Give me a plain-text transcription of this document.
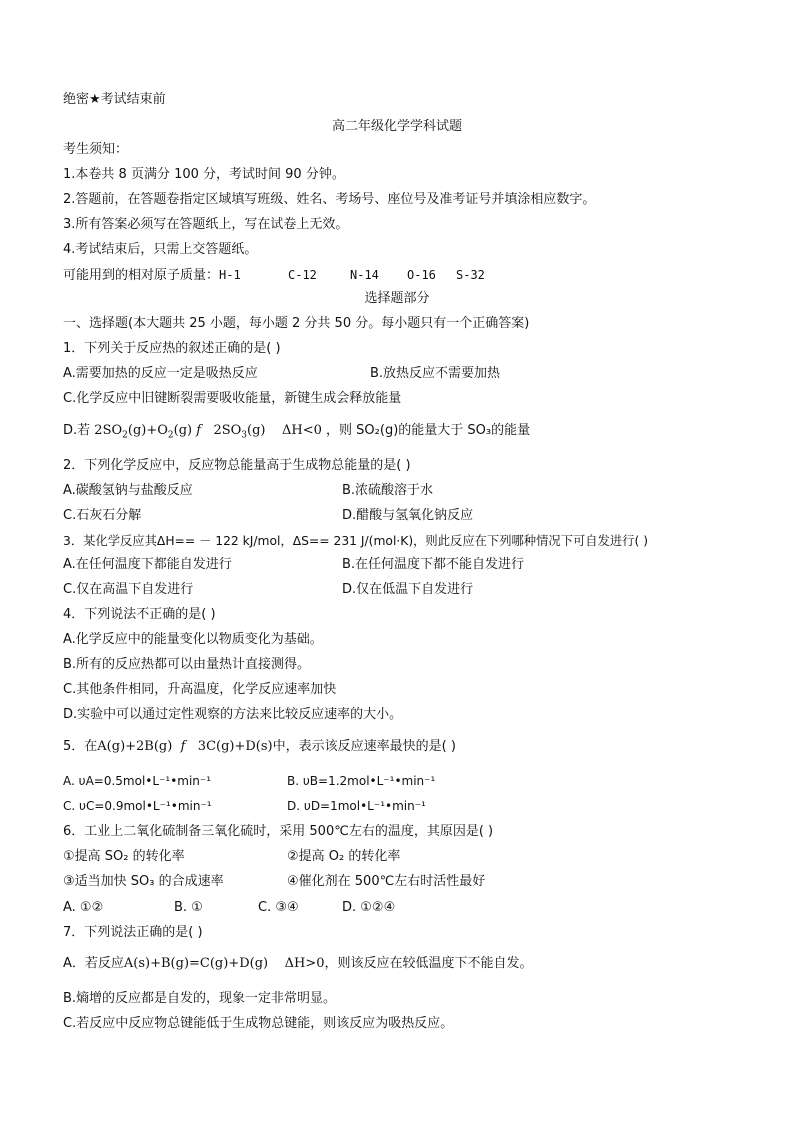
绝密★考试结束前
高二年级化学学科试题
考生须知：
1.本卷共 8 页满分 100 分，考试时间 90 分钟。
2.答题前，在答题卷指定区域填写班级、姓名、考场号、座位号及准考证号并填涂相应数字。
3.所有答案必须写在答题纸上，写在试卷上无效。
4.考试结束后，只需上交答题纸。
可能用到的相对原子质量：H-1	C-12	N-14 O-16 S-32
选择题部分
一、选择题(本大题共 25 小题，每小题 2 分共 50 分。每小题只有一个正确答案)
1．下列关于反应热的叙述正确的是( )
A.需要加热的反应一定是吸热反应	B.放热反应不需要加热
C.化学反应中旧键断裂需要吸收能量，新键生成会释放能量
D.若 $2SO_2(g)+O_2(g)$ f   $2SO_3(g)$    ΔH<0 ，则 SO₂(g)的能量大于 SO₃的能量
2．下列化学反应中，反应物总能量高于生成物总能量的是( )
A.碳酸氢钠与盐酸反应	B.浓硫酸溶于水
C.石灰石分解	D.醋酸与氢氧化钠反应
3．某化学反应其ΔH== － 122 kJ/mol，ΔS== 231 J/(mol·K)，则此反应在下列哪种情况下可自发进行( )
A.在任何温度下都能自发进行	B.在任何温度下都不能自发进行
C.仅在高温下自发进行	D.仅在低温下自发进行
4．下列说法不正确的是( )
A.化学反应中的能量变化以物质变化为基础。
B.所有的反应热都可以由量热计直接测得。
C.其他条件相同，升高温度，化学反应速率加快
D.实验中可以通过定性观察的方法来比较反应速率的大小。
5．在A(g)+2B(g)  f   3C(g)+D(s)中，表示该反应速率最快的是( )
A. υA=0.5mol•L⁻¹•min⁻¹	B. υB=1.2mol•L⁻¹•min⁻¹
C. υC=0.9mol•L⁻¹•min⁻¹	D. υD=1mol•L⁻¹•min⁻¹
6．工业上二氧化硫制备三氧化硫时，采用 500℃左右的温度，其原因是( )
①提高 SO₂ 的转化率	②提高 O₂ 的转化率
③适当加快 SO₃ 的合成速率	④催化剂在 500℃左右时活性最好
A. ①②	B. ①	C. ③④	D. ①②④
7．下列说法正确的是( )
A．若反应A(s)+B(g)=C(g)+D(g) ΔH>0，则该反应在较低温度下不能自发。
B.熵增的反应都是自发的，现象一定非常明显。
C.若反应中反应物总键能低于生成物总键能，则该反应为吸热反应。
